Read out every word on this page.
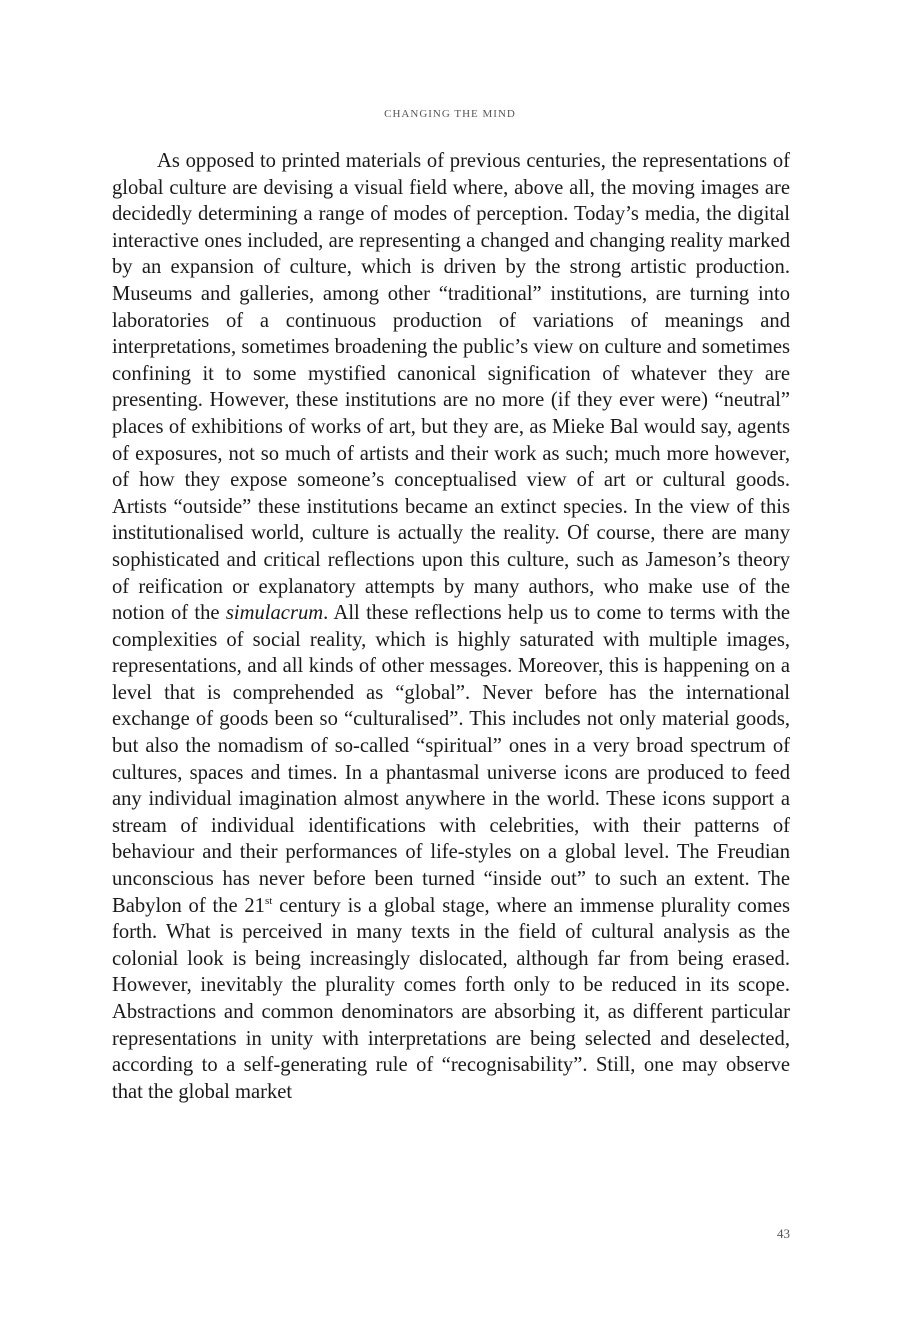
CHANGING THE MIND

As opposed to printed materials of previous centuries, the representations of global culture are devising a visual field where, above all, the moving images are decidedly determining a range of modes of perception. Today’s media, the digital interactive ones included, are representing a changed and changing reality marked by an expansion of culture, which is driven by the strong artistic production. Museums and galleries, among other “traditional” institutions, are turning into laboratories of a continuous production of variations of meanings and interpretations, sometimes broadening the public’s view on culture and sometimes confining it to some mystified canonical signification of whatever they are presenting. However, these institutions are no more (if they ever were) “neutral” places of exhibitions of works of art, but they are, as Mieke Bal would say, agents of exposures, not so much of artists and their work as such; much more however, of how they expose someone’s conceptualised view of art or cultural goods. Artists “outside” these institutions became an extinct species. In the view of this institutionalised world, culture is actually the reality. Of course, there are many sophisticated and critical reflections upon this culture, such as Jameson’s theory of reification or explanatory attempts by many authors, who make use of the notion of the simulacrum. All these reflections help us to come to terms with the complexities of social reality, which is highly saturated with multiple images, representations, and all kinds of other messages. Moreover, this is happening on a level that is comprehended as “global”. Never before has the international exchange of goods been so “culturalised”. This includes not only material goods, but also the nomadism of so-called “spiritual” ones in a very broad spectrum of cultures, spaces and times. In a phantasmal universe icons are produced to feed any individual imagination almost anywhere in the world. These icons support a stream of individual identifications with celebrities, with their patterns of behaviour and their performances of life-styles on a global level. The Freudian unconscious has never before been turned “inside out” to such an extent. The Babylon of the 21st century is a global stage, where an immense plurality comes forth. What is perceived in many texts in the field of cultural analysis as the colonial look is being increasingly dislocated, although far from being erased. However, inevitably the plurality comes forth only to be reduced in its scope. Abstractions and common denominators are absorbing it, as different particular representations in unity with interpretations are being selected and deselected, according to a self-generating rule of “recognisability”. Still, one may observe that the global market

43
